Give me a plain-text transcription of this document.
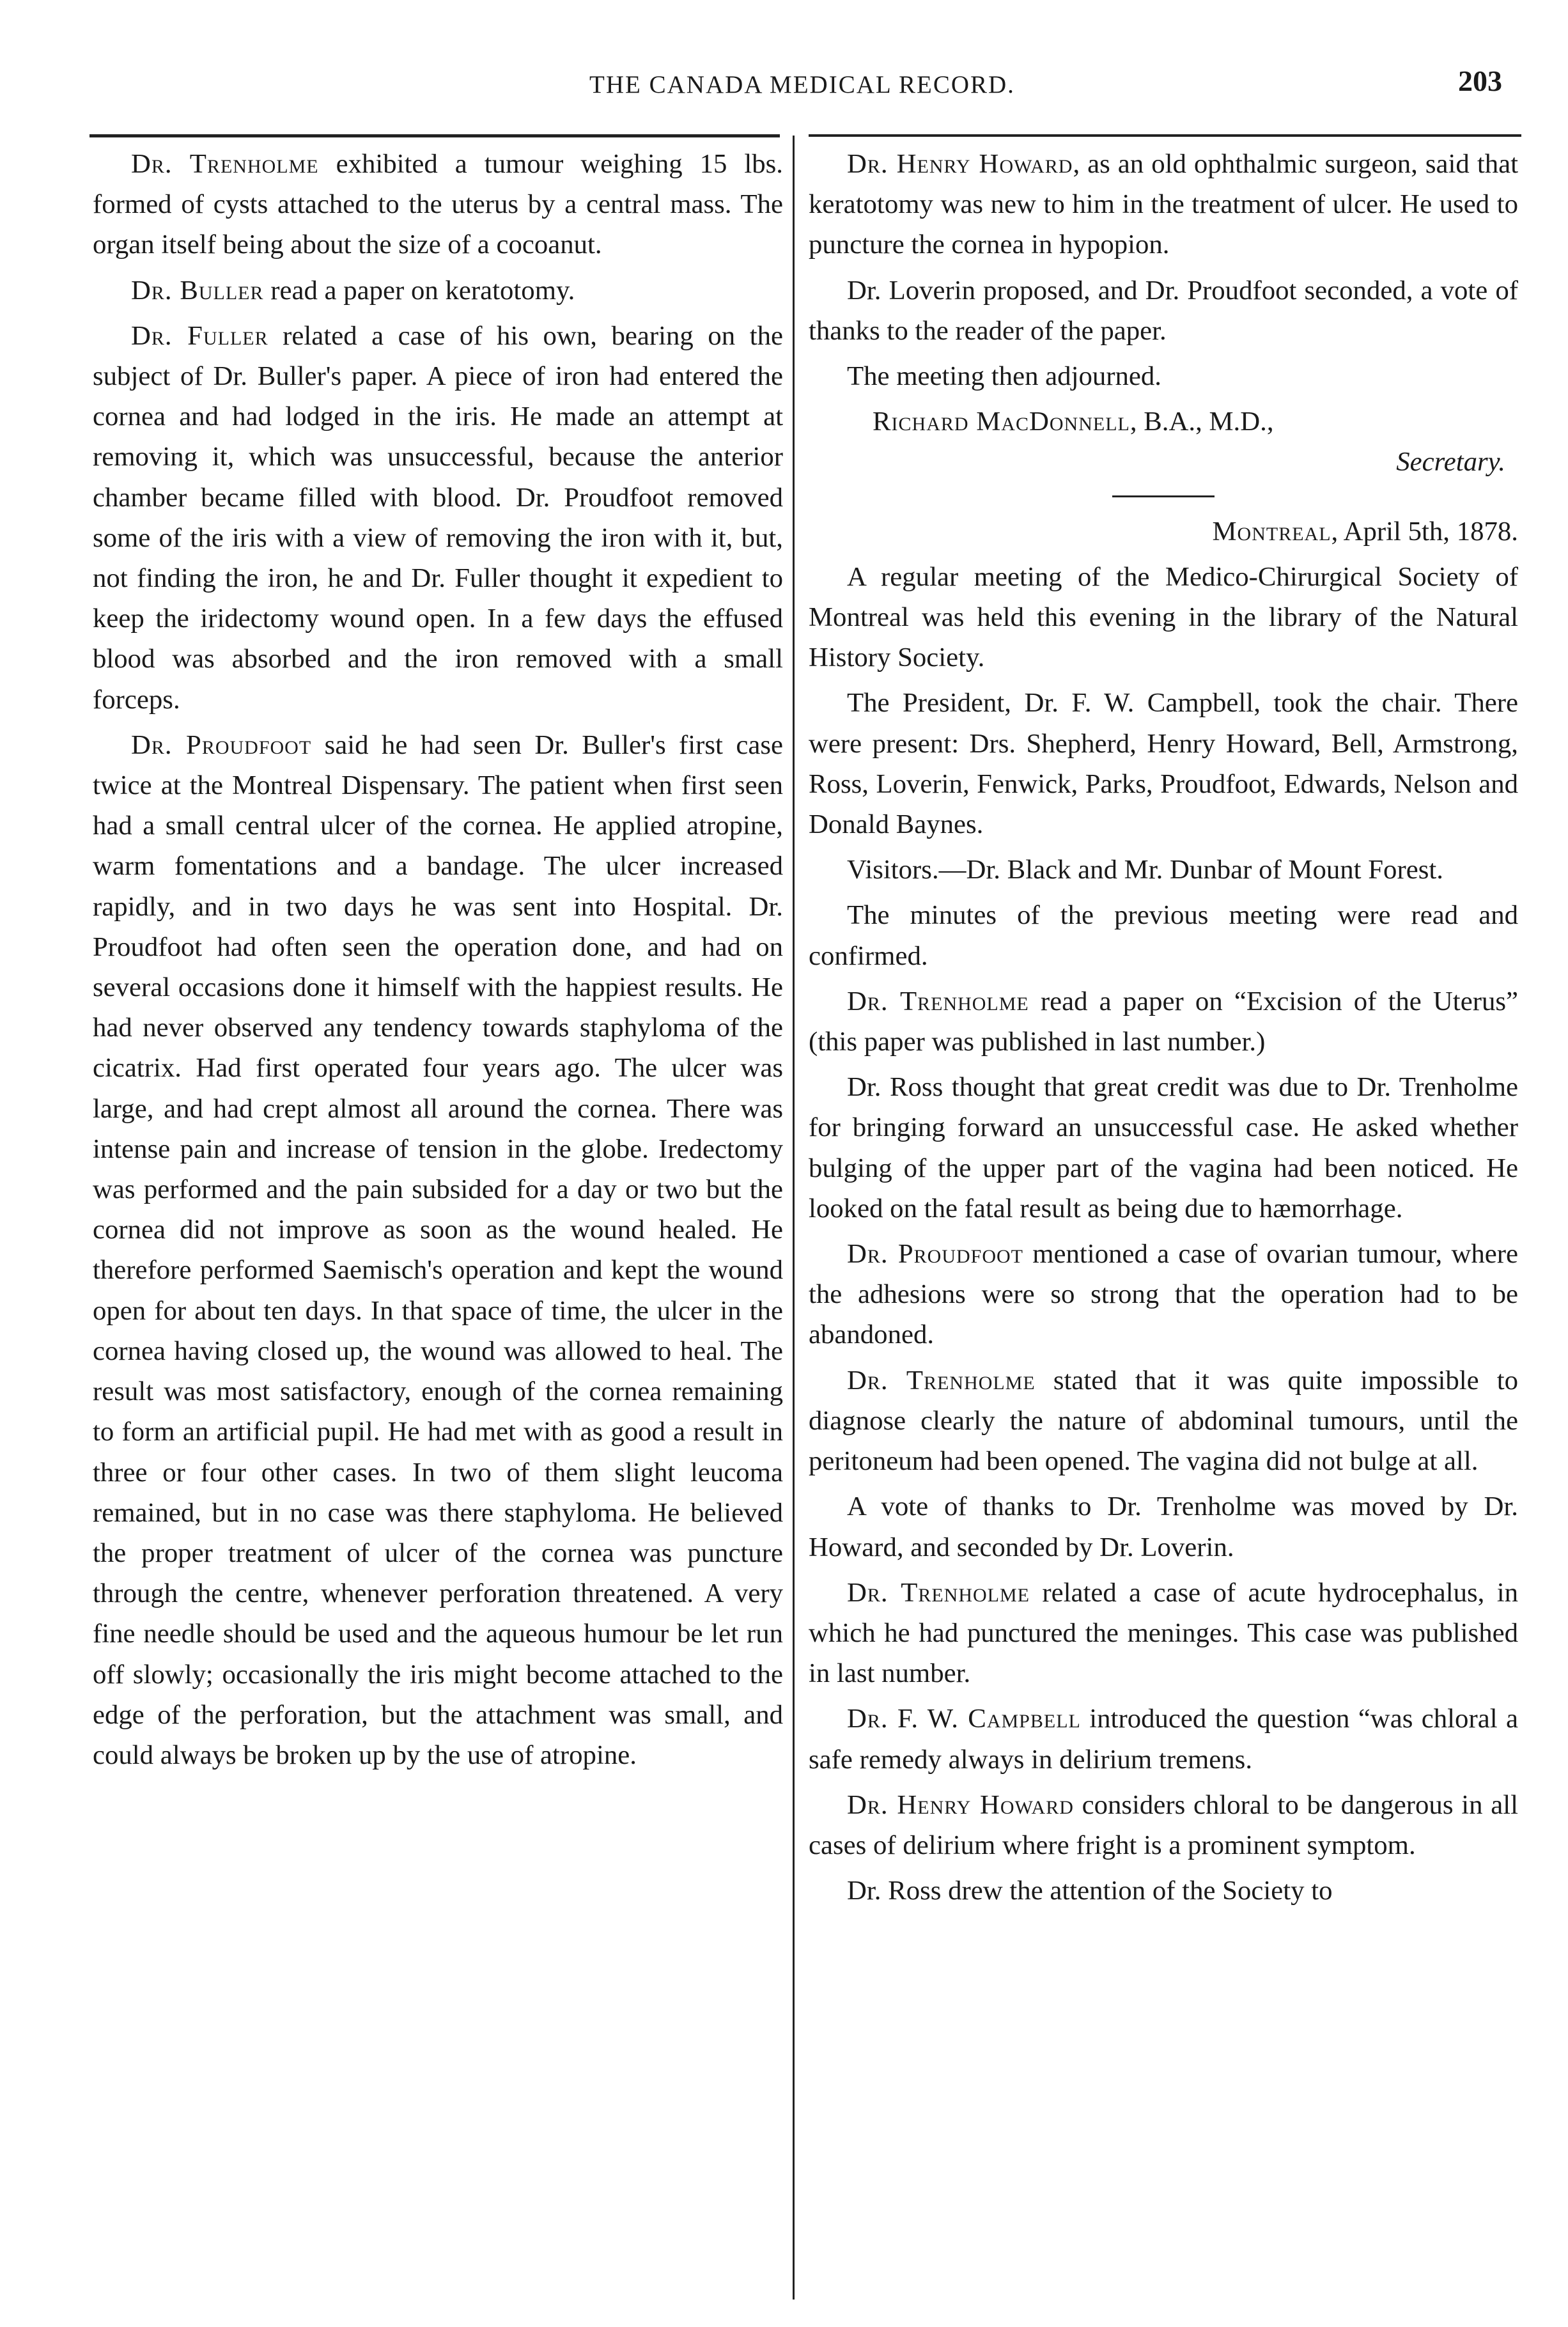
THE CANADA MEDICAL RECORD.	203

Dr. Trenholme exhibited a tumour weighing 15 lbs. formed of cysts attached to the uterus by a central mass. The organ itself being about the size of a cocoanut.

Dr. Buller read a paper on keratotomy.

Dr. Fuller related a case of his own, bearing on the subject of Dr. Buller's paper. A piece of iron had entered the cornea and had lodged in the iris. He made an attempt at removing it, which was unsuccessful, because the anterior chamber became filled with blood. Dr. Proudfoot removed some of the iris with a view of removing the iron with it, but, not finding the iron, he and Dr. Fuller thought it expedient to keep the iridectomy wound open. In a few days the effused blood was absorbed and the iron removed with a small forceps.

Dr. Proudfoot said he had seen Dr. Buller's first case twice at the Montreal Dispensary. The patient when first seen had a small central ulcer of the cornea. He applied atropine, warm fomentations and a bandage. The ulcer increased rapidly, and in two days he was sent into Hospital. Dr. Proudfoot had often seen the operation done, and had on several occasions done it himself with the happiest results. He had never observed any tendency towards staphyloma of the cicatrix. Had first operated four years ago. The ulcer was large, and had crept almost all around the cornea. There was intense pain and increase of tension in the globe. Iredectomy was performed and the pain subsided for a day or two but the cornea did not improve as soon as the wound healed. He therefore performed Saemisch's operation and kept the wound open for about ten days. In that space of time, the ulcer in the cornea having closed up, the wound was allowed to heal. The result was most satisfactory, enough of the cornea remaining to form an artificial pupil. He had met with as good a result in three or four other cases. In two of them slight leucoma remained, but in no case was there staphyloma. He believed the proper treatment of ulcer of the cornea was puncture through the centre, whenever perforation threatened. A very fine needle should be used and the aqueous humour be let run off slowly; occasionally the iris might become attached to the edge of the perforation, but the attachment was small, and could always be broken up by the use of atropine.

Dr. Henry Howard, as an old ophthalmic surgeon, said that keratotomy was new to him in the treatment of ulcer. He used to puncture the cornea in hypopion.

Dr. Loverin proposed, and Dr. Proudfoot seconded, a vote of thanks to the reader of the paper.

The meeting then adjourned.

Richard MacDonnell, B.A., M.D.,

Secretary.

Montreal, April 5th, 1878.

A regular meeting of the Medico-Chirurgical Society of Montreal was held this evening in the library of the Natural History Society.

The President, Dr. F. W. Campbell, took the chair. There were present: Drs. Shepherd, Henry Howard, Bell, Armstrong, Ross, Loverin, Fenwick, Parks, Proudfoot, Edwards, Nelson and Donald Baynes.

Visitors.—Dr. Black and Mr. Dunbar of Mount Forest.

The minutes of the previous meeting were read and confirmed.

Dr. Trenholme read a paper on “Excision of the Uterus” (this paper was published in last number.)

Dr. Ross thought that great credit was due to Dr. Trenholme for bringing forward an unsuccessful case. He asked whether bulging of the upper part of the vagina had been noticed. He looked on the fatal result as being due to hæmorrhage.

Dr. Proudfoot mentioned a case of ovarian tumour, where the adhesions were so strong that the operation had to be abandoned.

Dr. Trenholme stated that it was quite impossible to diagnose clearly the nature of abdominal tumours, until the peritoneum had been opened. The vagina did not bulge at all.

A vote of thanks to Dr. Trenholme was moved by Dr. Howard, and seconded by Dr. Loverin.

Dr. Trenholme related a case of acute hydrocephalus, in which he had punctured the meninges. This case was published in last number.

Dr. F. W. Campbell introduced the question “was chloral a safe remedy always in delirium tremens.

Dr. Henry Howard considers chloral to be dangerous in all cases of delirium where fright is a prominent symptom.

Dr. Ross drew the attention of the Society to
